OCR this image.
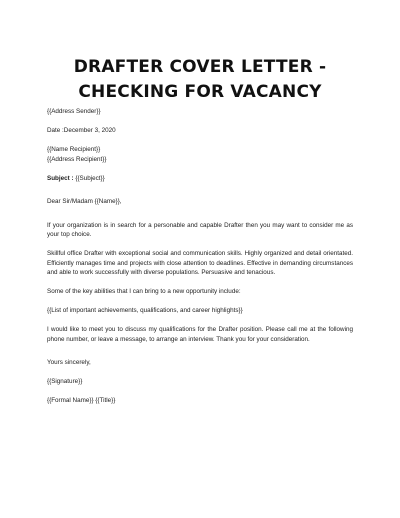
DRAFTER COVER LETTER - CHECKING FOR VACANCY
{{Address Sender}}
Date :December 3, 2020
{{Name Recipient}}
{{Address Recipient}}
Subject : {{Subject}}
Dear Sir/Madam {{Name}},
If your organization is in search for a personable and capable Drafter then you may want to consider me as your top choice.
Skillful office Drafter with exceptional social and communication skills. Highly organized and detail orientated. Efficiently manages time and projects with close attention to deadlines. Effective in demanding circumstances and able to work successfully with diverse populations. Persuasive and tenacious.
Some of the key abilities that I can bring to a new opportunity include:
{{List of important achievements, qualifications, and career highlights}}
I would like to meet you to discuss my qualifications for the Drafter position. Please call me at the following phone number, or leave a message, to arrange an interview. Thank you for your consideration.
Yours sincerely,
{{Signature}}
{{Formal Name}} {{Title}}
